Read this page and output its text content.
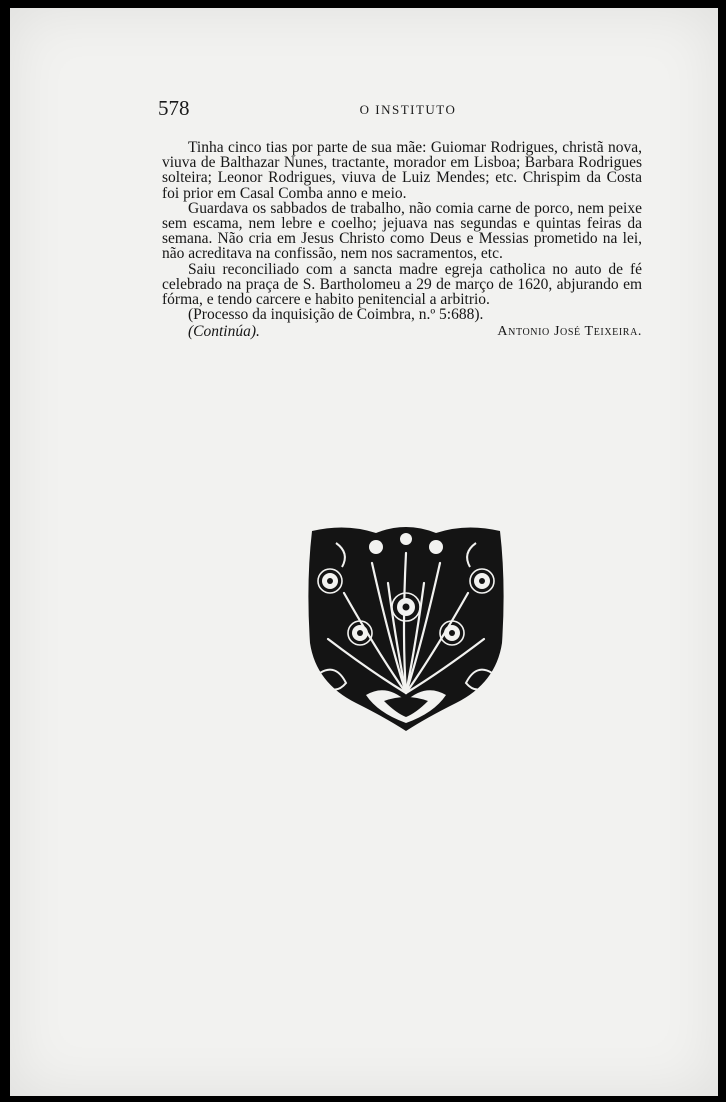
578	O INSTITUTO

Tinha cinco tias por parte de sua mãe: Guiomar Rodrigues, christã nova, viuva de Balthazar Nunes, tractante, morador em Lisboa; Barbara Rodrigues solteira; Leonor Rodrigues, viuva de Luiz Mendes; etc. Chrispim da Costa foi prior em Casal Comba anno e meio.

Guardava os sabbados de trabalho, não comia carne de porco, nem peixe sem escama, nem lebre e coelho; jejuava nas segundas e quintas feiras da semana. Não cria em Jesus Christo como Deus e Messias prometido na lei, não acreditava na confissão, nem nos sacramentos, etc.

Saiu reconciliado com a sancta madre egreja catholica no auto de fé celebrado na praça de S. Bartholomeu a 29 de março de 1620, abjurando em fórma, e tendo carcere e habito penitencial a arbitrio.

(Processo da inquisição de Coimbra, n.º 5:688).

(Continúa).	Antonio José Teixeira.
